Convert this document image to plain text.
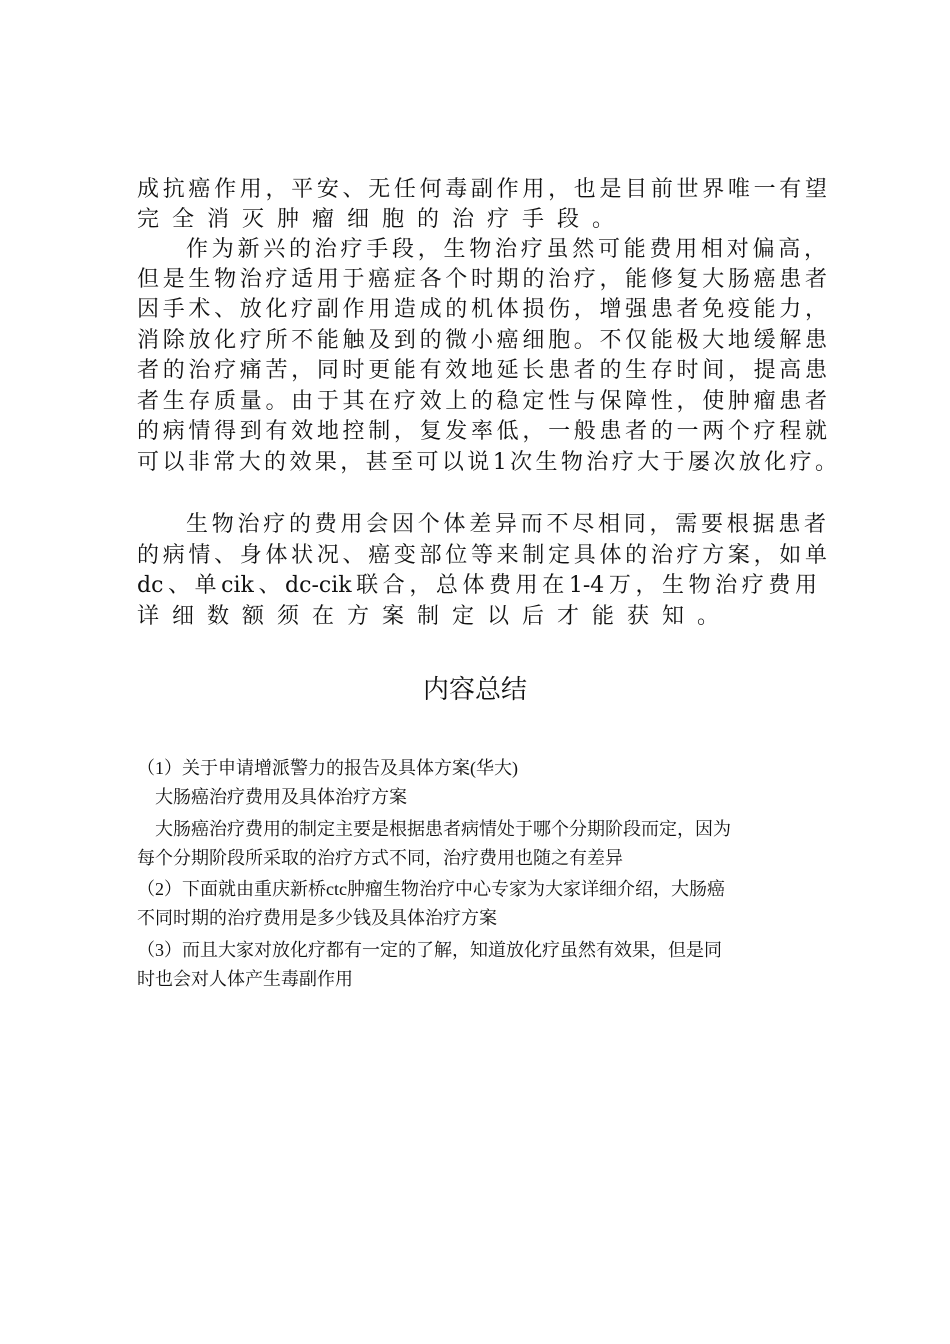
成抗癌作用，平安、无任何毒副作用，也是目前世界唯一有望
完全消灭肿瘤细胞的治疗手段。
作为新兴的治疗手段，生物治疗虽然可能费用相对偏高，
但是生物治疗适用于癌症各个时期的治疗，能修复大肠癌患者
因手术、放化疗副作用造成的机体损伤，增强患者免疫能力，
消除放化疗所不能触及到的微小癌细胞。不仅能极大地缓解患
者的治疗痛苦，同时更能有效地延长患者的生存时间，提高患
者生存质量。由于其在疗效上的稳定性与保障性，使肿瘤患者
的病情得到有效地控制，复发率低，一般患者的一两个疗程就
可以非常大的效果，甚至可以说1次生物治疗大于屡次放化疗。
生物治疗的费用会因个体差异而不尽相同，需要根据患者
的病情、身体状况、癌变部位等来制定具体的治疗方案，如单
dc、单cik、dc-cik联合，总体费用在1-4万，生物治疗费用
详细数额须在方案制定以后才能获知。
内容总结
（1）关于申请增派警力的报告及具体方案(华大)
大肠癌治疗费用及具体治疗方案
大肠癌治疗费用的制定主要是根据患者病情处于哪个分期阶段而定，因为
每个分期阶段所采取的治疗方式不同，治疗费用也随之有差异
（2）下面就由重庆新桥ctc肿瘤生物治疗中心专家为大家详细介绍，大肠癌
不同时期的治疗费用是多少钱及具体治疗方案
（3）而且大家对放化疗都有一定的了解，知道放化疗虽然有效果，但是同
时也会对人体产生毒副作用
